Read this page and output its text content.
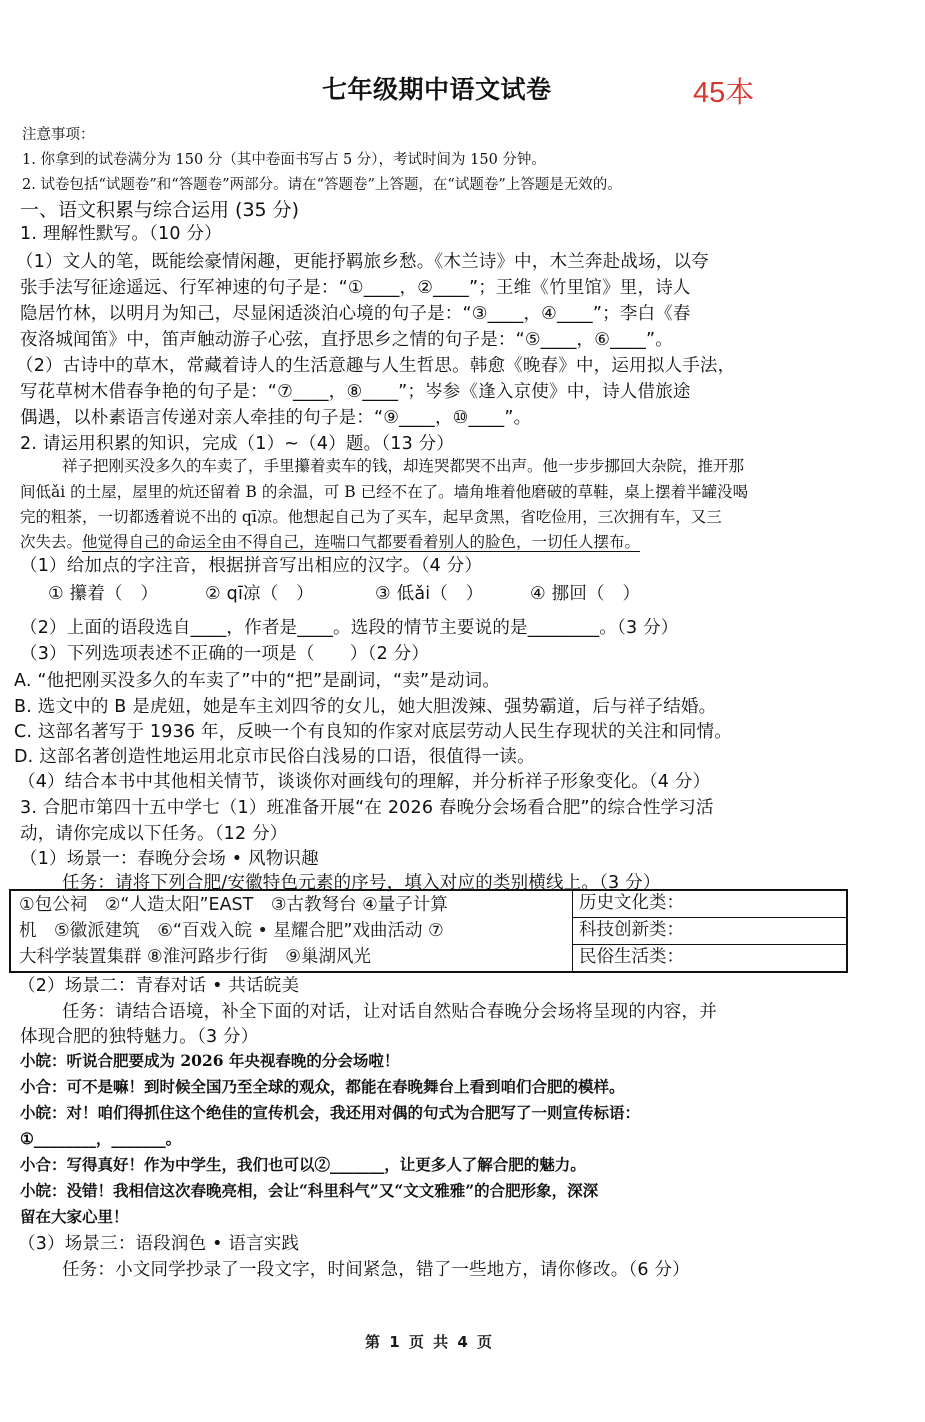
七年级期中语文试卷	45本
注意事项：
1. 你拿到的试卷满分为 150 分（其中卷面书写占 5 分），考试时间为 150 分钟。
2. 试卷包括“试题卷”和“答题卷”两部分。请在“答题卷”上答题，在“试题卷”上答题是无效的。
一、语文积累与综合运用 (35 分)
1. 理解性默写。（10 分）
（1）文人的笔，既能绘豪情闲趣，更能抒羁旅乡愁。《木兰诗》中，木兰奔赴战场，以夸
张手法写征途遥远、行军神速的句子是：“①____，②____”；王维《竹里馆》里，诗人
隐居竹林，以明月为知己，尽显闲适淡泊心境的句子是：“③____，④____”；李白《春
夜洛城闻笛》中，笛声触动游子心弦，直抒思乡之情的句子是：“⑤____，⑥____”。
（2）古诗中的草木，常藏着诗人的生活意趣与人生哲思。韩愈《晚春》中，运用拟人手法，
写花草树木借春争艳的句子是：“⑦____，⑧____”；岑参《逢入京使》中，诗人借旅途
偶遇，以朴素语言传递对亲人牵挂的句子是：“⑨____，⑩____”。
2. 请运用积累的知识，完成（1）~（4）题。（13 分）
祥子把刚买没多久的车卖了，手里攥着卖车的钱，却连哭都哭不出声。他一步步挪回大杂院，推开那
间低ǎi 的土屋，屋里的炕还留着 B 的余温，可 B 已经不在了。墙角堆着他磨破的草鞋，桌上摆着半罐没喝
完的粗茶，一切都透着说不出的 qī凉。他想起自己为了买车，起早贪黑，省吃俭用，三次拥有车，又三
次失去。他觉得自己的命运全由不得自己，连喘口气都要看着别人的脸色，一切任人摆布。
（1）给加点的字注音，根据拼音写出相应的汉字。（4 分）
① 攥着（　）	② qī凉（　）	③ 低ǎi（　）	④ 挪回（　）
（2）上面的语段选自____，作者是____。选段的情节主要说的是________。（3 分）
（3）下列选项表述不正确的一项是（　　）（2 分）
A. “他把刚买没多久的车卖了”中的“把”是副词，“卖”是动词。
B. 选文中的 B 是虎妞，她是车主刘四爷的女儿，她大胆泼辣、强势霸道，后与祥子结婚。
C. 这部名著写于 1936 年，反映一个有良知的作家对底层劳动人民生存现状的关注和同情。
D. 这部名著创造性地运用北京市民俗白浅易的口语，很值得一读。
（4）结合本书中其他相关情节，谈谈你对画线句的理解，并分析祥子形象变化。（4 分）
3. 合肥市第四十五中学七（1）班准备开展“在 2026 春晚分会场看合肥”的综合性学习活
动，请你完成以下任务。（12 分）
（1）场景一：春晚分会场 • 风物识趣
任务：请将下列合肥/安徽特色元素的序号，填入对应的类别横线上。（3 分）
①包公祠　②“人造太阳”EAST　③古教弩台 ④量子计算
机　⑤徽派建筑　⑥“百戏入皖 • 星耀合肥”戏曲活动 ⑦
大科学装置集群 ⑧淮河路步行街　⑨巢湖风光
	历史文化类：
科技创新类：
民俗生活类：
（2）场景二：青春对话 • 共话皖美
任务：请结合语境，补全下面的对话，让对话自然贴合春晚分会场将呈现的内容，并
体现合肥的独特魅力。（3 分）
小皖：听说合肥要成为 2026 年央视春晚的分会场啦！
小合：可不是嘛！到时候全国乃至全球的观众，都能在春晚舞台上看到咱们合肥的模样。
小皖：对！咱们得抓住这个绝佳的宣传机会，我还用对偶的句式为合肥写了一则宣传标语：
①________，_______。
小合：写得真好！作为中学生，我们也可以②_______，让更多人了解合肥的魅力。
小皖：没错！我相信这次春晚亮相，会让“科里科气”又“文文雅雅”的合肥形象，深深
留在大家心里！
（3）场景三：语段润色 • 语言实践
任务：小文同学抄录了一段文字，时间紧急，错了一些地方，请你修改。（6 分）
第 1 页 共 4 页
